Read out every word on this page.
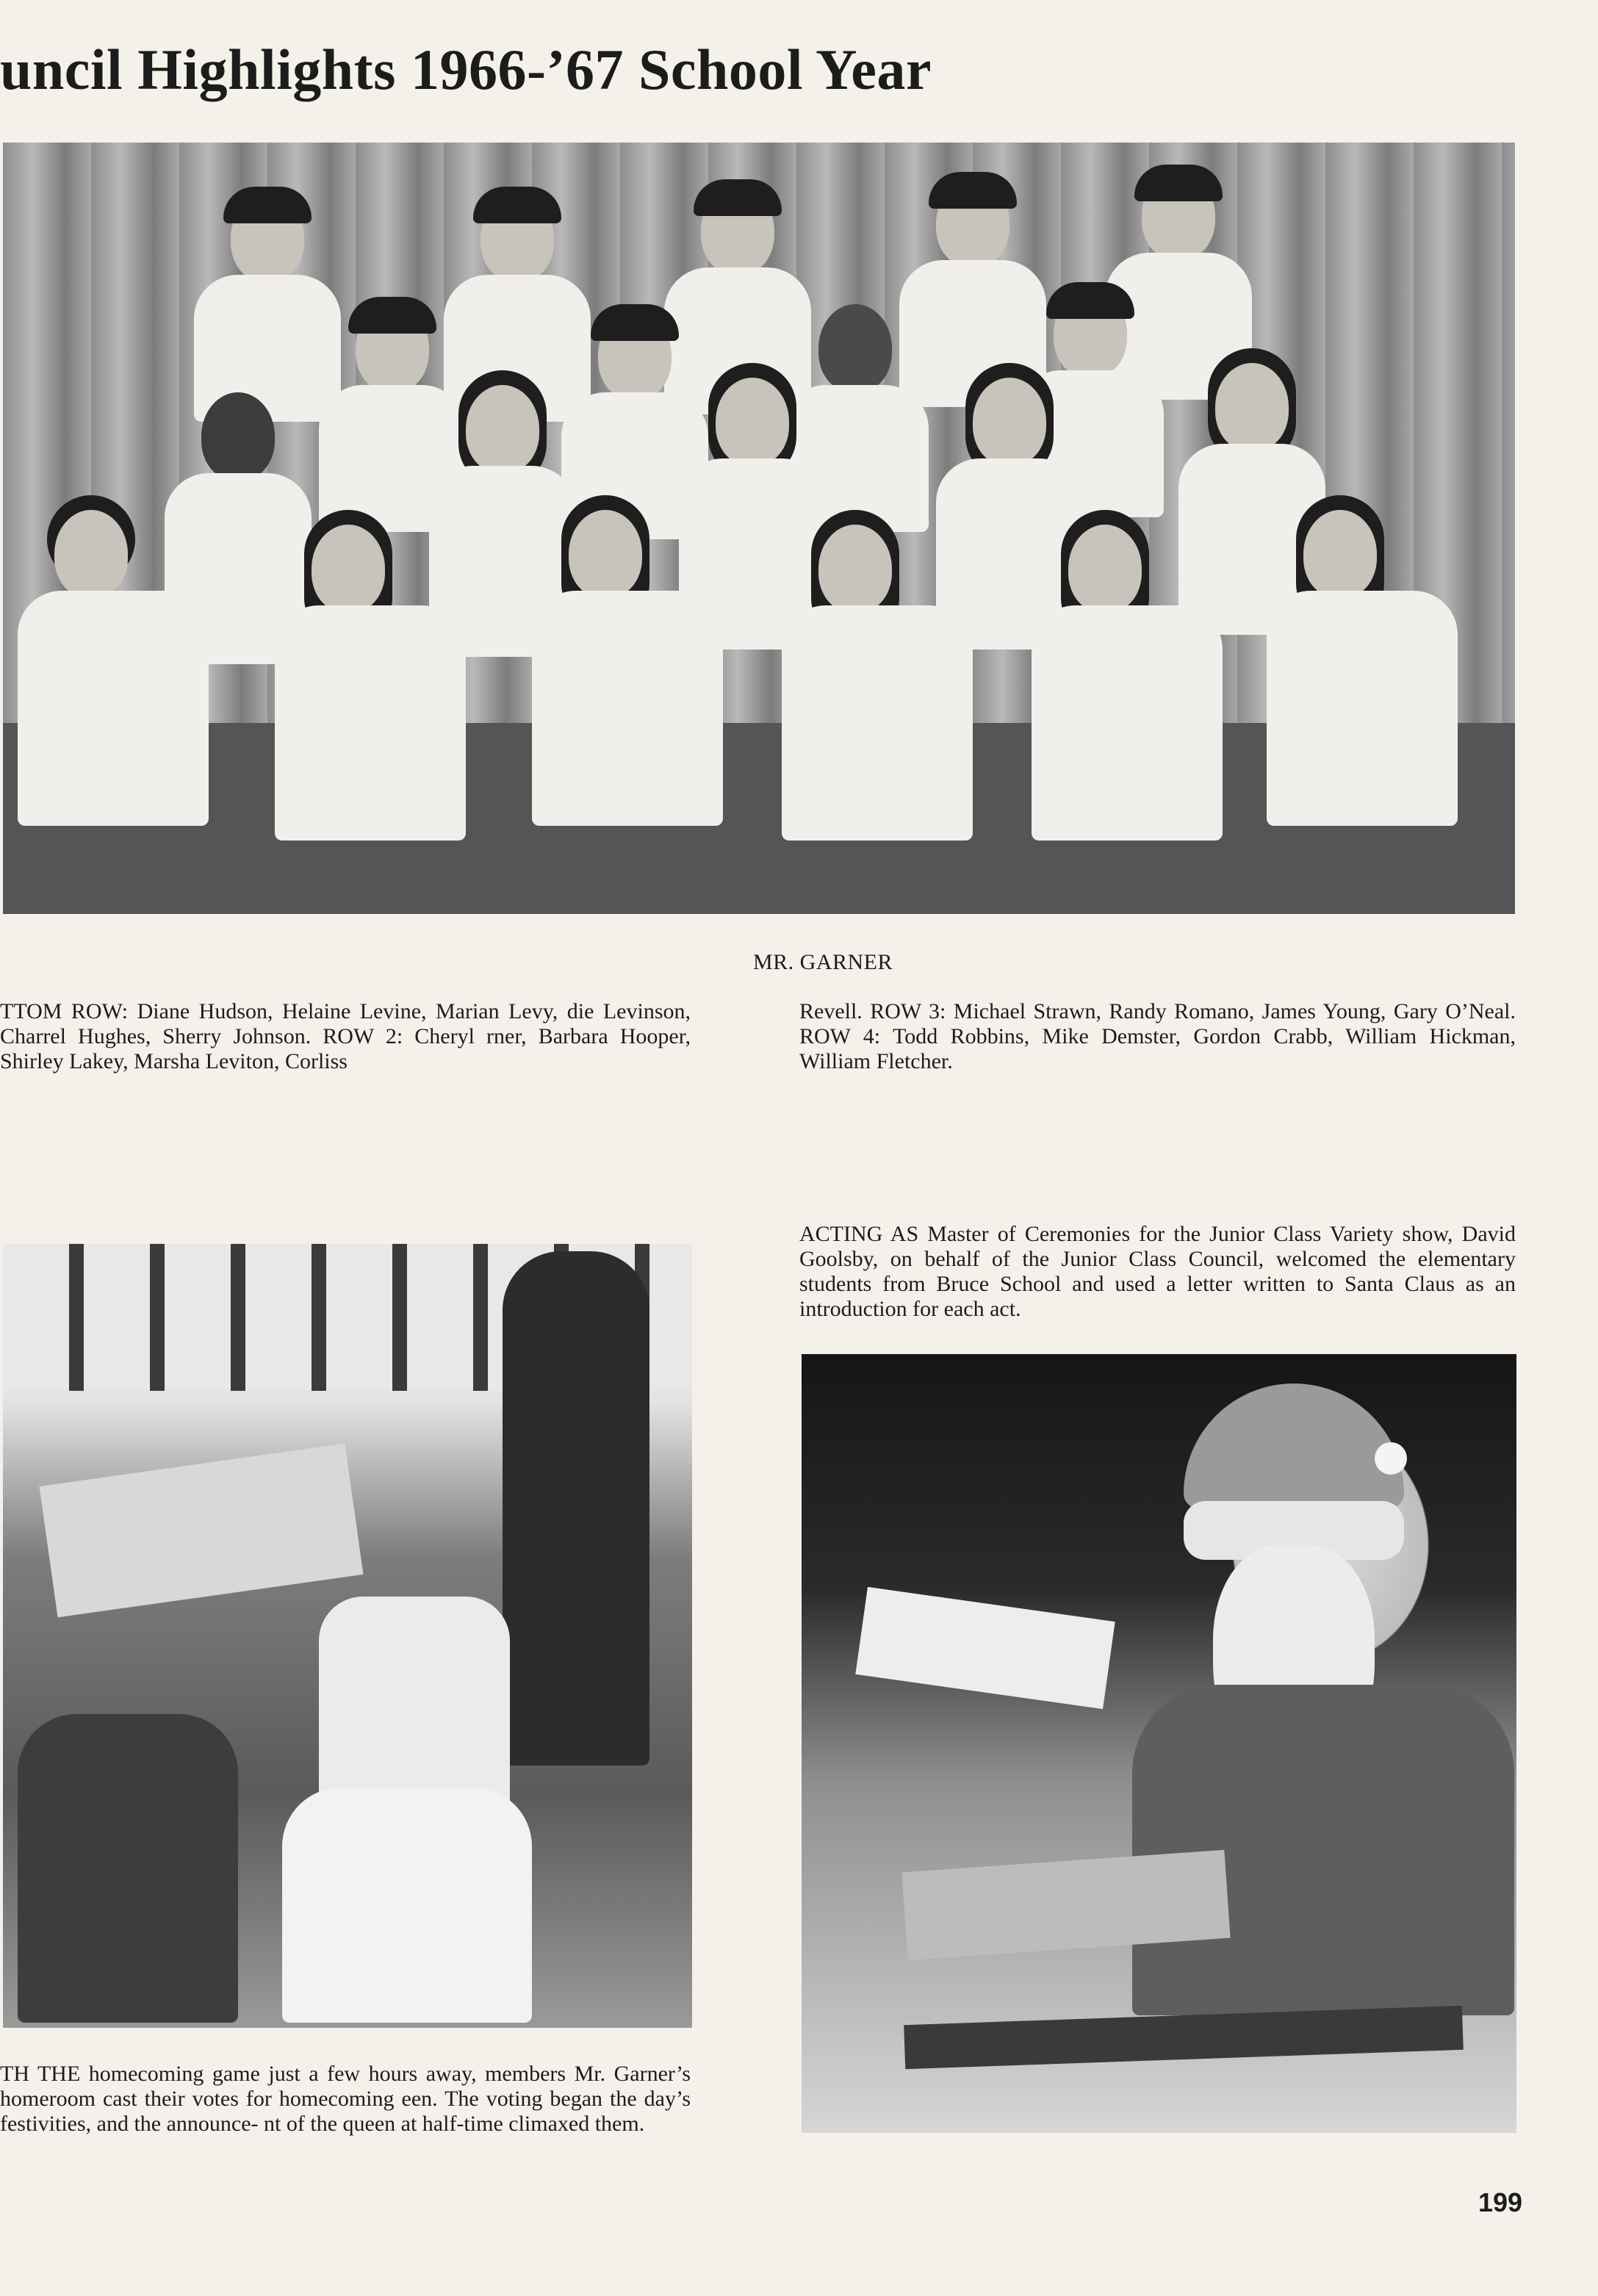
uncil Highlights 1966-’67 School Year
MR. GARNER

TTOM ROW: Diane Hudson, Helaine Levine, Marian Levy, die Levinson, Charrel Hughes, Sherry Johnson. ROW 2: Cheryl rner, Barbara Hooper, Shirley Lakey, Marsha Leviton, Corliss

Revell. ROW 3: Michael Strawn, Randy Romano, James Young, Gary O’Neal. ROW 4: Todd Robbins, Mike Demster, Gordon Crabb, William Hickman, William Fletcher.

ACTING AS Master of Ceremonies for the Junior Class Variety show, David Goolsby, on behalf of the Junior Class Council, welcomed the elementary students from Bruce School and used a letter written to Santa Claus as an introduction for each act.

TH THE homecoming game just a few hours away, members Mr. Garner’s homeroom cast their votes for homecoming een. The voting began the day’s festivities, and the announce- nt of the queen at half-time climaxed them.

199
